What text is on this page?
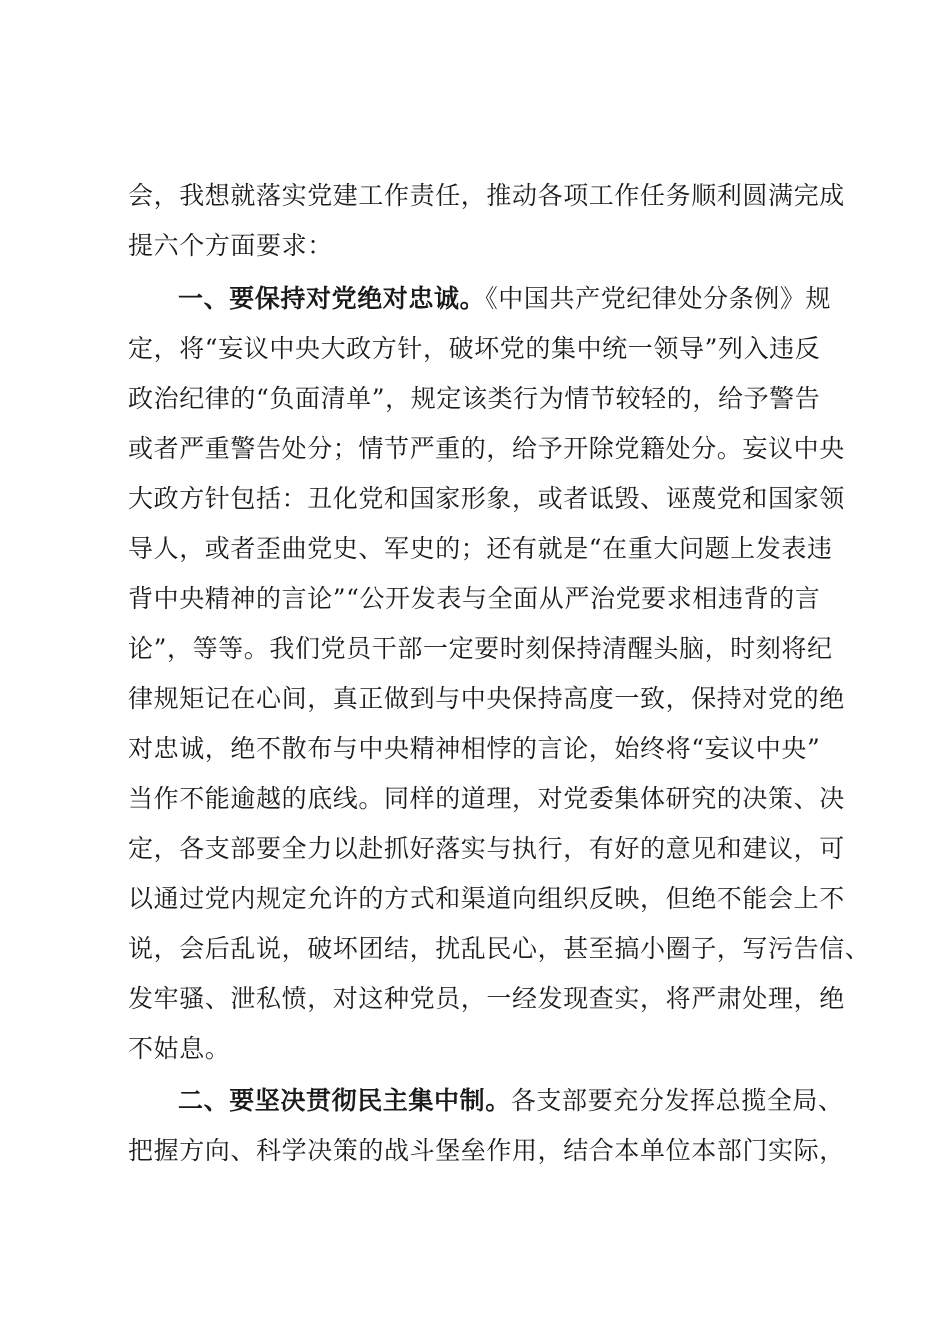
会，我想就落实党建工作责任，推动各项工作任务顺利圆满完成
提六个方面要求：
一、要保持对党绝对忠诚。《中国共产党纪律处分条例》规
定，将“妄议中央大政方针，破坏党的集中统一领导”列入违反
政治纪律的“负面清单”，规定该类行为情节较轻的，给予警告
或者严重警告处分；情节严重的，给予开除党籍处分。妄议中央
大政方针包括：丑化党和国家形象，或者诋毁、诬蔑党和国家领
导人，或者歪曲党史、军史的；还有就是“在重大问题上发表违
背中央精神的言论”“公开发表与全面从严治党要求相违背的言
论”，等等。我们党员干部一定要时刻保持清醒头脑，时刻将纪
律规矩记在心间，真正做到与中央保持高度一致，保持对党的绝
对忠诚，绝不散布与中央精神相悖的言论，始终将“妄议中央”
当作不能逾越的底线。同样的道理，对党委集体研究的决策、决
定，各支部要全力以赴抓好落实与执行，有好的意见和建议，可
以通过党内规定允许的方式和渠道向组织反映，但绝不能会上不
说，会后乱说，破坏团结，扰乱民心，甚至搞小圈子，写污告信、
发牢骚、泄私愤，对这种党员，一经发现查实，将严肃处理，绝
不姑息。
二、要坚决贯彻民主集中制。各支部要充分发挥总揽全局、
把握方向、科学决策的战斗堡垒作用，结合本单位本部门实际，
